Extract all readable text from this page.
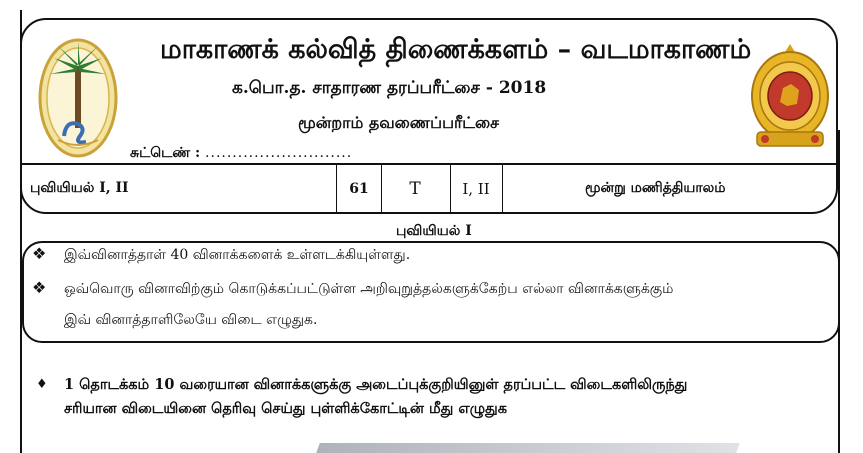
மாகாணக் கல்வித் திணைக்களம் – வடமாகாணம்
க.பொ.த. சாதாரண தரப்பரீட்சை - 2018
மூன்றாம் தவணைப்பரீட்சை
சுட்டெண் : ...........................
புவியியல் I, II	61	T	I, II	மூன்று மணித்தியாலம்
புவியியல் I
❖ இவ்வினாத்தாள் 40 வினாக்களைக் உள்ளடக்கியுள்ளது.
❖ ஒவ்வொரு வினாவிற்கும் கொடுக்கப்பட்டுள்ள அறிவுறுத்தல்களுக்கேற்ப எல்லா வினாக்களுக்கும்
இவ் வினாத்தாளிலேயே விடை எழுதுக.
♦ 1 தொடக்கம் 10 வரையான வினாக்களுக்கு அடைப்புக்குறியினுள் தரப்பட்ட விடைகளிலிருந்து
சரியான விடையினை தெரிவு செய்து புள்ளிக்கோட்டின் மீது எழுதுக
